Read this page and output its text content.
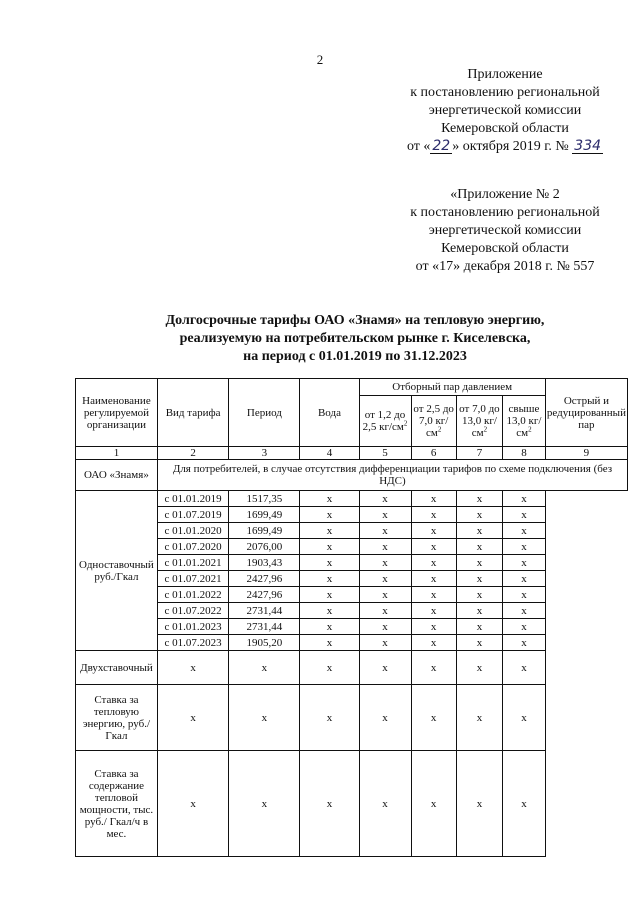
2
Приложение
к постановлению региональной
энергетической комиссии
Кемеровской области
от « 22 » октября 2019 г. № 334
«Приложение № 2
к постановлению региональной
энергетической комиссии
Кемеровской области
от «17» декабря 2018 г. № 557
Долгосрочные тарифы ОАО «Знамя» на тепловую энергию,
реализуемую на потребительском рынке г. Киселевска,
на период с 01.01.2019 по 31.12.2023
Наименование регулируемой организации	Вид тарифа	Период	Вода	Отборный пар давлением				Острый и редуцированный пар
				от 1,2 до 2,5 $кг/см^2$	от 2,5 до 7,0 $кг/см^2$	от 7,0 до 13,0 $кг/см^2$	свыше 13,0 $кг/см^2$
1	2	3	4	5	6	7	8	9
ОАО «Знамя»	Для потребителей, в случае отсутствия дифференциации тарифов по схеме подключения (без НДС)							
Одноставочный руб./Гкал	с 01.01.2019	1517,35	х	х	х	х	х	
	с 01.07.2019	1699,49	х	х	х	х	х	
	с 01.01.2020	1699,49	х	х	х	х	х	
	с 01.07.2020	2076,00	х	х	х	х	х	
	с 01.01.2021	1903,43	х	х	х	х	х	
	с 01.07.2021	2427,96	х	х	х	х	х	
	с 01.01.2022	2427,96	х	х	х	х	х	
	с 01.07.2022	2731,44	х	х	х	х	х	
	с 01.01.2023	2731,44	х	х	х	х	х	
	с 01.07.2023	1905,20	х	х	х	х	х	
Двухставочный	х	х	х	х	х	х	х	
Ставка за тепловую энергию, руб./Гкал	х	х	х	х	х	х	х	
Ставка за содержание тепловой мощности, тыс. руб./ Гкал/ч в мес.	х	х	х	х	х	х	х	
